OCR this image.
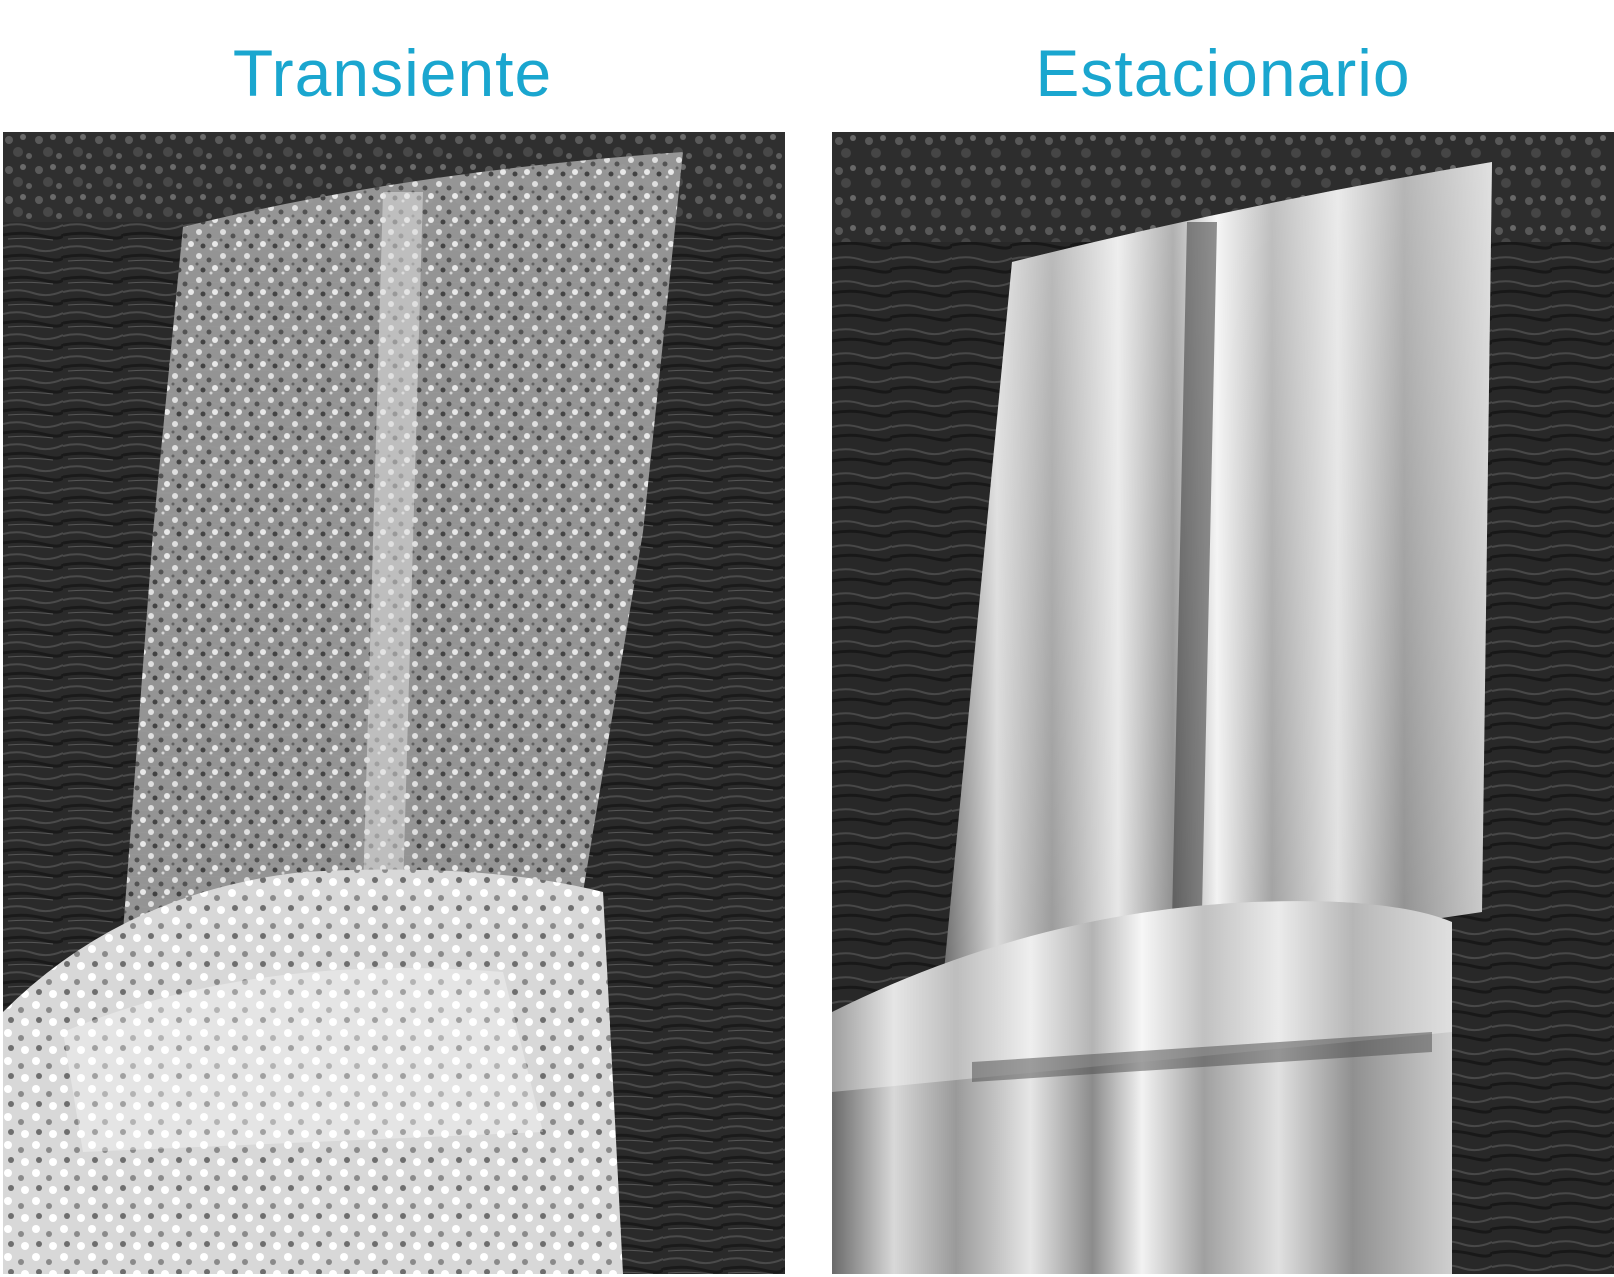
Transiente	Estacionario
